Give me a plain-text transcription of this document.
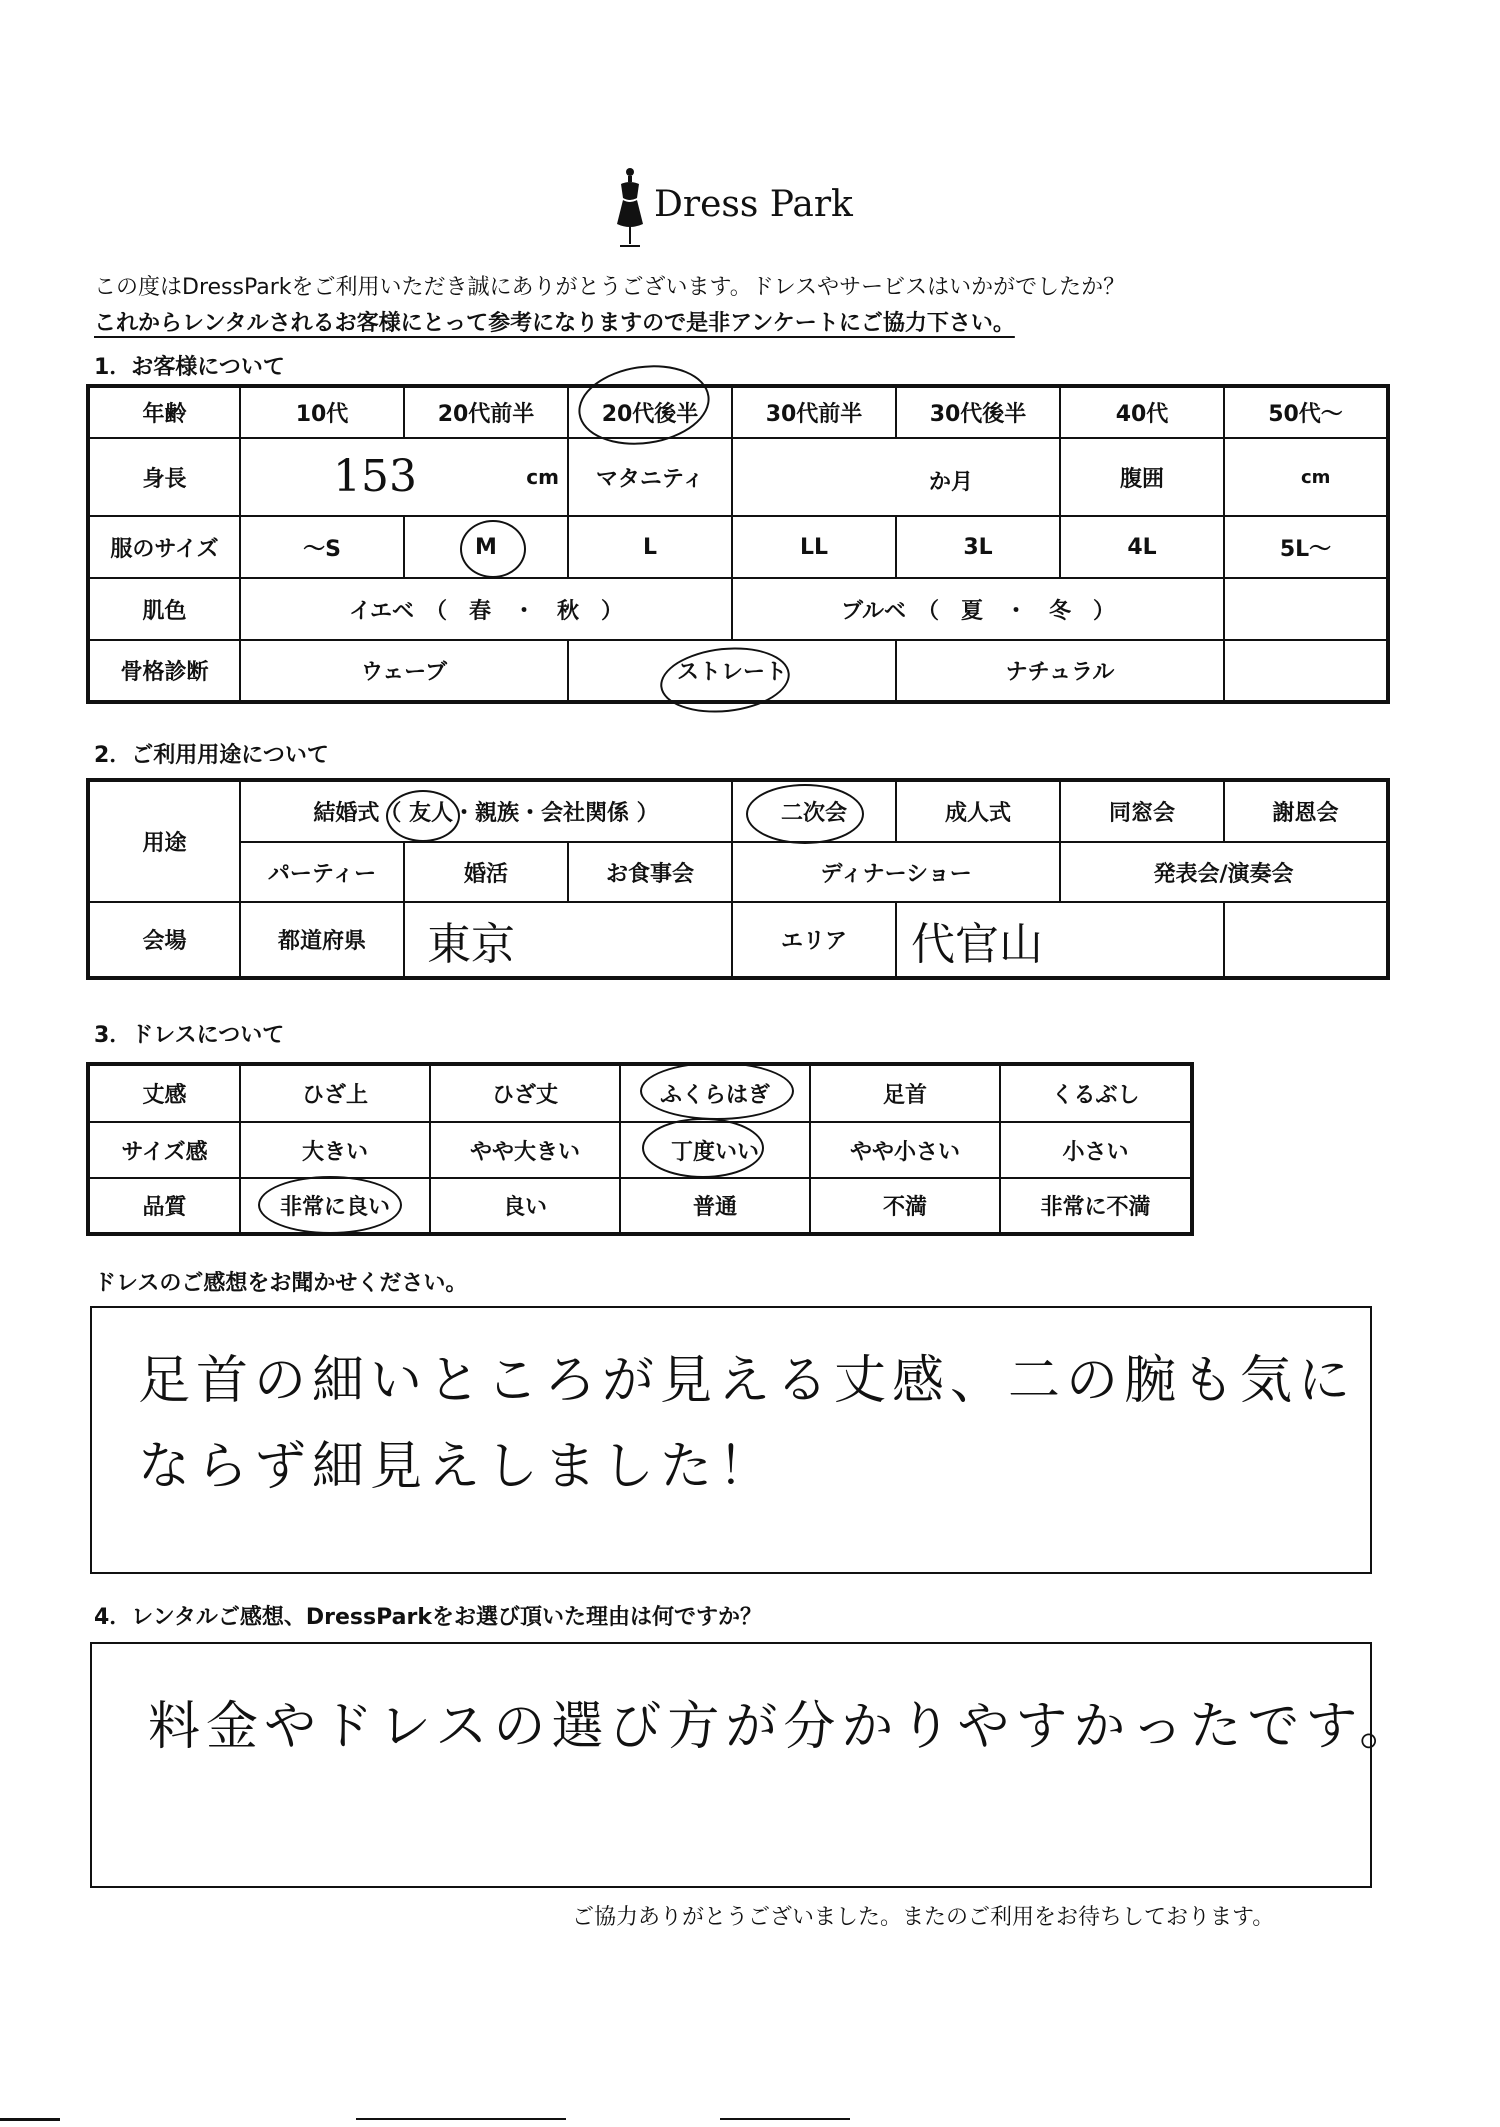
Dress Park
この度はDressParkをご利用いただき誠にありがとうございます。ドレスやサービスはいかがでしたか？
これからレンタルされるお客様にとって参考になりますので是非アンケートにご協力下さい。
1．お客様について
年齢	10代	20代前半	20代後半	30代前半	30代後半	40代	50代～
身長	153 cm		マタニティ	か月		腹囲	cm

服のサイズ	～S	M	L	LL	3L	4L	5L～
肌色	イエベ　（　春　・　秋　）			ブルベ　（　夏　・　冬　）			
骨格診断	ウェーブ		ストレート		ナチュラル		
2．ご利用用途について
用途	結婚式（ 友人・親族・会社関係 ）			二次会	成人式	同窓会	謝恩会
	パーティー	婚活	お食事会	ディナーショー		発表会/演奏会	
会場	都道府県	東京		エリア	代官山		
3．ドレスについて
丈感	ひざ上	ひざ丈	ふくらはぎ	足首	くるぶし
サイズ感	大きい	やや大きい	丁度いい	やや小さい	小さい
品質	非常に良い	良い	普通	不満	非常に不満
ドレスのご感想をお聞かせください。
足首の細いところが見える丈感、二の腕も気に
ならず細見えしました！
4．レンタルご感想、DressParkをお選び頂いた理由は何ですか？
料金やドレスの選び方が分かりやすかったです。
ご協力ありがとうございました。またのご利用をお待ちしております。
